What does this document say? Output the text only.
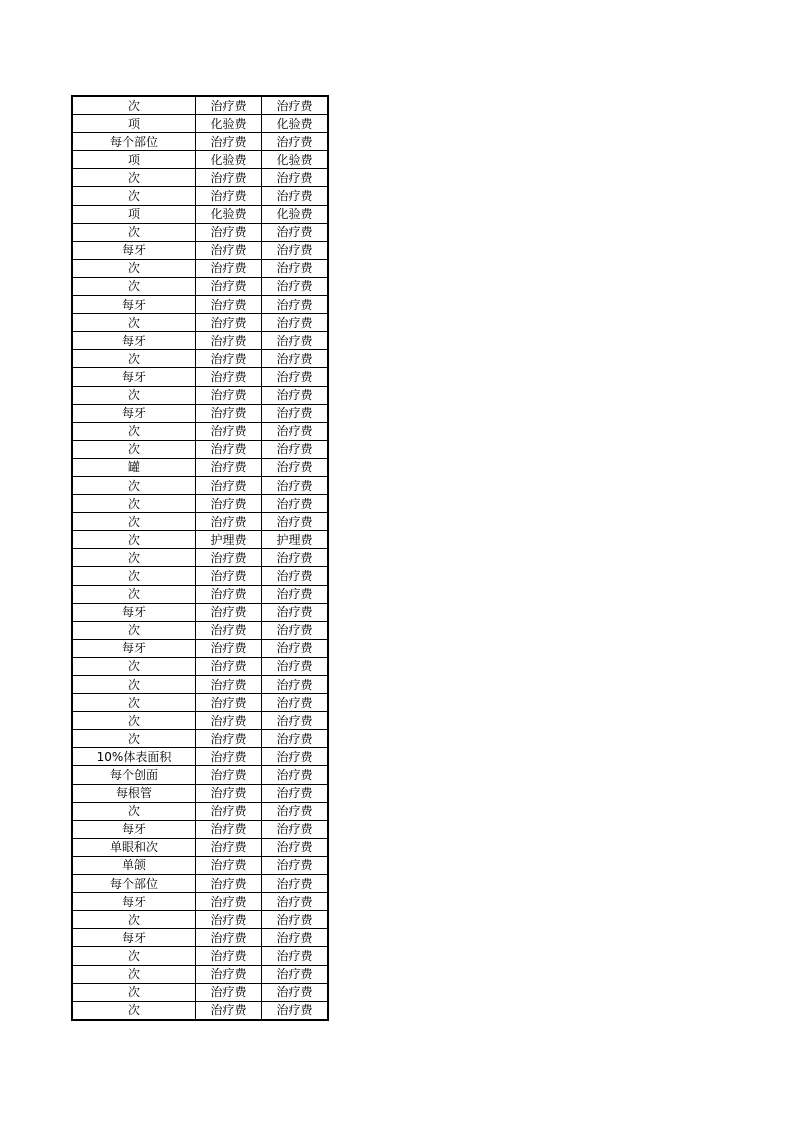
次	治疗费	治疗费
项	化验费	化验费
每个部位	治疗费	治疗费
项	化验费	化验费
次	治疗费	治疗费
次	治疗费	治疗费
项	化验费	化验费
次	治疗费	治疗费
每牙	治疗费	治疗费
次	治疗费	治疗费
次	治疗费	治疗费
每牙	治疗费	治疗费
次	治疗费	治疗费
每牙	治疗费	治疗费
次	治疗费	治疗费
每牙	治疗费	治疗费
次	治疗费	治疗费
每牙	治疗费	治疗费
次	治疗费	治疗费
次	治疗费	治疗费
罐	治疗费	治疗费
次	治疗费	治疗费
次	治疗费	治疗费
次	治疗费	治疗费
次	护理费	护理费
次	治疗费	治疗费
次	治疗费	治疗费
次	治疗费	治疗费
每牙	治疗费	治疗费
次	治疗费	治疗费
每牙	治疗费	治疗费
次	治疗费	治疗费
次	治疗费	治疗费
次	治疗费	治疗费
次	治疗费	治疗费
次	治疗费	治疗费
10%体表面积	治疗费	治疗费
每个创面	治疗费	治疗费
每根管	治疗费	治疗费
次	治疗费	治疗费
每牙	治疗费	治疗费
单眼和次	治疗费	治疗费
单颌	治疗费	治疗费
每个部位	治疗费	治疗费
每牙	治疗费	治疗费
次	治疗费	治疗费
每牙	治疗费	治疗费
次	治疗费	治疗费
次	治疗费	治疗费
次	治疗费	治疗费
次	治疗费	治疗费
